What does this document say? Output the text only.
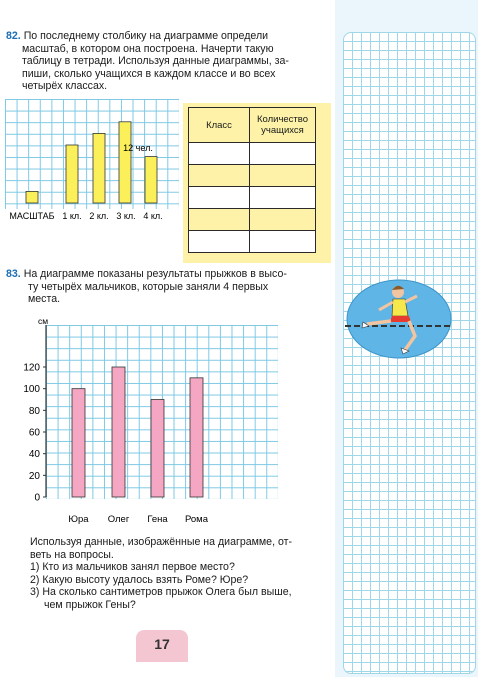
82. По последнему столбику на диаграмме определи
масштаб, в котором она построена. Начерти такую
таблицу в тетради. Используя данные диаграммы, за-
пиши, сколько учащихся в каждом классе и во всех
четырёх классах.
12 чел.
МАСШТАБ 1 кл. 2 кл. 3 кл. 4 кл.
Класс	Количество
учащихся

83. На диаграмме показаны результаты прыжков в высо-
ту четырёх мальчиков, которые заняли 4 первых
места.
см
0
20
40
60
80
100
120
Юра Олег Гена Рома
Используя данные, изображённые на диаграмме, от-
веть на вопросы.
1) Кто из мальчиков занял первое место?
2) Какую высоту удалось взять Роме? Юре?
3) На сколько сантиметров прыжок Олега был выше,
чем прыжок Гены?
17
